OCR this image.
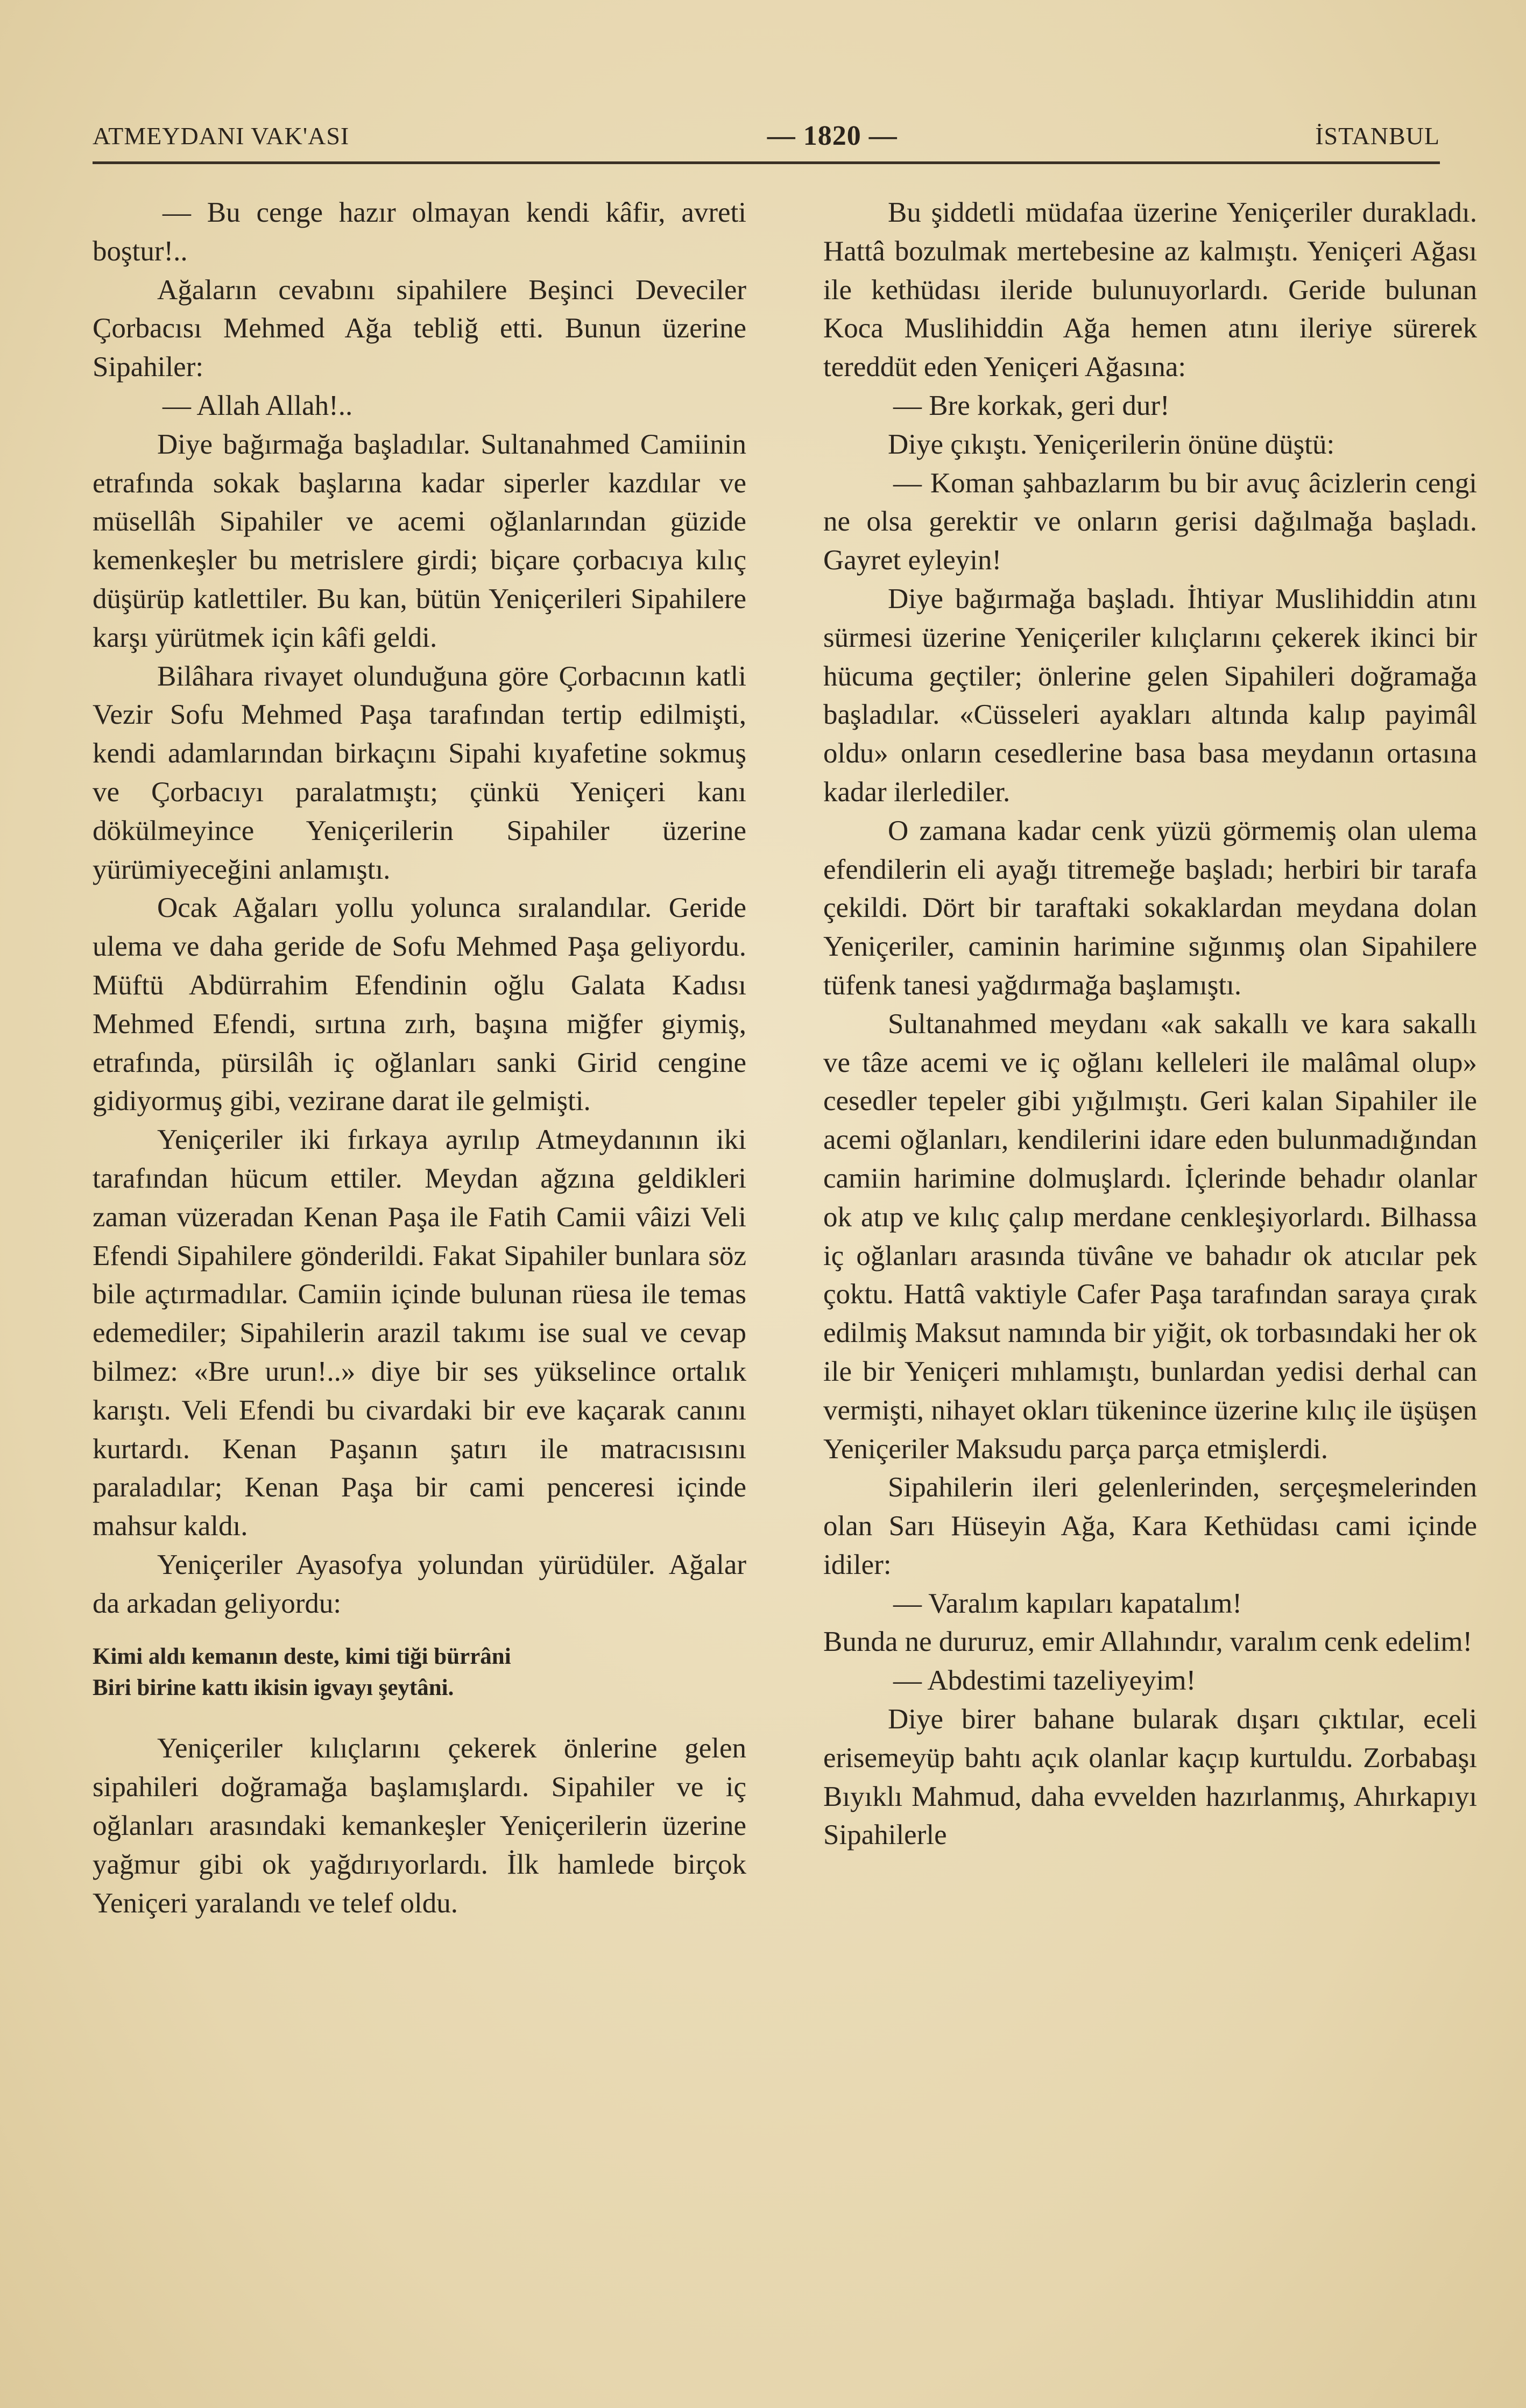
ATMEYDANI VAK'ASI	— 1820 —	İSTANBUL

— Bu cenge hazır olmayan kendi kâfir, avreti boştur!..

Ağaların cevabını sipahilere Beşinci Deveciler Çorbacısı Mehmed Ağa tebliğ etti. Bunun üzerine Sipahiler:

— Allah Allah!..

Diye bağırmağa başladılar. Sultanahmed Camiinin etrafında sokak başlarına kadar siperler kazdılar ve müsellâh Sipahiler ve acemi oğlanlarından güzide kemenkeşler bu metrislere girdi; biçare çorbacıya kılıç düşürüp katlettiler. Bu kan, bütün Yeniçerileri Sipahilere karşı yürütmek için kâfi geldi.

Bilâhara rivayet olunduğuna göre Çorbacının katli Vezir Sofu Mehmed Paşa tarafından tertip edilmişti, kendi adamlarından birkaçını Sipahi kıyafetine sokmuş ve Çorbacıyı paralatmıştı; çünkü Yeniçeri kanı dökülmeyince Yeniçerilerin Sipahiler üzerine yürümiyeceğini anlamıştı.

Ocak Ağaları yollu yolunca sıralandılar. Geride ulema ve daha geride de Sofu Mehmed Paşa geliyordu. Müftü Abdürrahim Efendinin oğlu Galata Kadısı Mehmed Efendi, sırtına zırh, başına miğfer giymiş, etrafında, pürsilâh iç oğlanları sanki Girid cengine gidiyormuş gibi, vezirane darat ile gelmişti.

Yeniçeriler iki fırkaya ayrılıp Atmeydanının iki tarafından hücum ettiler. Meydan ağzına geldikleri zaman vüzeradan Kenan Paşa ile Fatih Camii vâizi Veli Efendi Sipahilere gönderildi. Fakat Sipahiler bunlara söz bile açtırmadılar. Camiin içinde bulunan rüesa ile temas edemediler; Sipahilerin arazil takımı ise sual ve cevap bilmez: «Bre urun!..» diye bir ses yükselince ortalık karıştı. Veli Efendi bu civardaki bir eve kaçarak canını kurtardı. Kenan Paşanın şatırı ile matracısısını paraladılar; Kenan Paşa bir cami penceresi içinde mahsur kaldı.

Yeniçeriler Ayasofya yolundan yürüdüler. Ağalar da arkadan geliyordu:

Kimi aldı kemanın deste, kimi tiği bürrâni
Biri birine kattı ikisin igvayı şeytâni.

Yeniçeriler kılıçlarını çekerek önlerine gelen sipahileri doğramağa başlamışlardı. Sipahiler ve iç oğlanları arasındaki kemankeşler Yeniçerilerin üzerine yağmur gibi ok yağdırıyorlardı. İlk hamlede birçok Yeniçeri yaralandı ve telef oldu.

Bu şiddetli müdafaa üzerine Yeniçeriler durakladı. Hattâ bozulmak mertebesine az kalmıştı. Yeniçeri Ağası ile kethüdası ileride bulunuyorlardı. Geride bulunan Koca Muslihiddin Ağa hemen atını ileriye sürerek tereddüt eden Yeniçeri Ağasına:

— Bre korkak, geri dur!

Diye çıkıştı. Yeniçerilerin önüne düştü:

— Koman şahbazlarım bu bir avuç âcizlerin cengi ne olsa gerektir ve onların gerisi dağılmağa başladı. Gayret eyleyin!

Diye bağırmağa başladı. İhtiyar Muslihiddin atını sürmesi üzerine Yeniçeriler kılıçlarını çekerek ikinci bir hücuma geçtiler; önlerine gelen Sipahileri doğramağa başladılar. «Cüsseleri ayakları altında kalıp payimâl oldu» onların cesedlerine basa basa meydanın ortasına kadar ilerlediler.

O zamana kadar cenk yüzü görmemiş olan ulema efendilerin eli ayağı titremeğe başladı; herbiri bir tarafa çekildi. Dört bir taraftaki sokaklardan meydana dolan Yeniçeriler, caminin harimine sığınmış olan Sipahilere tüfenk tanesi yağdırmağa başlamıştı.

Sultanahmed meydanı «ak sakallı ve kara sakallı ve tâze acemi ve iç oğlanı kelleleri ile malâmal olup» cesedler tepeler gibi yığılmıştı. Geri kalan Sipahiler ile acemi oğlanları, kendilerini idare eden bulunmadığından camiin harimine dolmuşlardı. İçlerinde behadır olanlar ok atıp ve kılıç çalıp merdane cenkleşiyorlardı. Bilhassa iç oğlanları arasında tüvâne ve bahadır ok atıcılar pek çoktu. Hattâ vaktiyle Cafer Paşa tarafından saraya çırak edilmiş Maksut namında bir yiğit, ok torbasındaki her ok ile bir Yeniçeri mıhlamıştı, bunlardan yedisi derhal can vermişti, nihayet okları tükenince üzerine kılıç ile üşüşen Yeniçeriler Maksudu parça parça etmişlerdi.

Sipahilerin ileri gelenlerinden, serçeşmelerinden olan Sarı Hüseyin Ağa, Kara Kethüdası cami içinde idiler:

— Varalım kapıları kapatalım!

Bunda ne dururuz, emir Allahındır, varalım cenk edelim!

— Abdestimi tazeliyeyim!

Diye birer bahane bularak dışarı çıktılar, eceli erisemeyüp bahtı açık olanlar kaçıp kurtuldu. Zorbabaşı Bıyıklı Mahmud, daha evvelden hazırlanmış, Ahırkapıyı Sipahilerle
